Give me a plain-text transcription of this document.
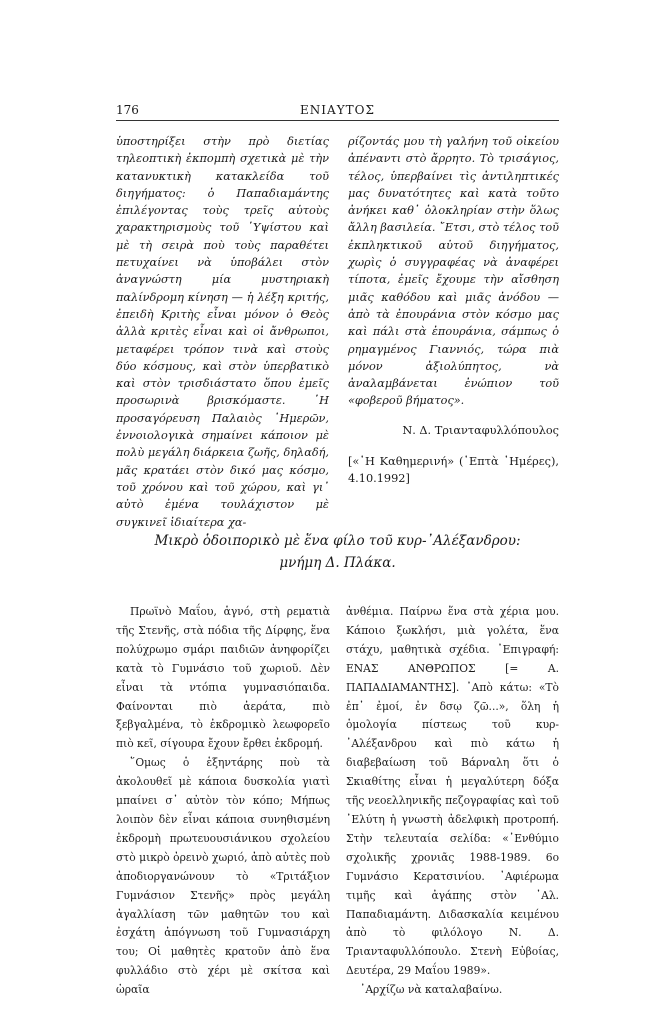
176	ΕΝΙΑΥΤΟΣ

ὑποστηρίξει στὴν πρὸ διετίας τηλεοπτικὴ ἐκπομπὴ σχετικὰ μὲ τὴν κατανυκτικὴ κατακλείδα τοῦ διηγήματος: ὁ Παπαδιαμάντης ἐπιλέγοντας τοὺς τρεῖς αὐτοὺς χαρακτηρισμοὺς τοῦ ῾Υψίστου καὶ μὲ τὴ σειρὰ ποὺ τοὺς παραθέτει πετυχαίνει νὰ ὑποβάλει στὸν ἀναγνώστη μία μυστηριακὴ παλίνδρομη κίνηση — ἡ λέξη κριτής, ἐπειδὴ Κριτὴς εἶναι μόνον ὁ Θεὸς ἀλλὰ κριτὲς εἶναι καὶ οἱ ἄνθρωποι, μεταφέρει τρόπον τινὰ καὶ στοὺς δύο κόσμους, καὶ στὸν ὑπερβατικὸ καὶ στὸν τρισδιάστατο ὅπου ἐμεῖς προσωρινὰ βρισκόμαστε. ῾Η προσαγόρευση Παλαιὸς ῾Ημερῶν, ἐννοιολογικὰ σημαίνει κάποιον μὲ πολὺ μεγάλη διάρκεια ζωῆς, δηλαδή, μᾶς κρατάει στὸν δικό μας κόσμο, τοῦ χρόνου καὶ τοῦ χώρου, καὶ γι᾿ αὐτὸ ἐμένα τουλάχιστον μὲ συγκινεῖ ἰδιαίτερα χα-

ρίζοντάς μου τὴ γαλήνη τοῦ οἰκείου ἀπέναντι στὸ ἄρρητο. Τὸ τρισάγιος, τέλος, ὑπερβαίνει τὶς ἀντιληπτικές μας δυνατότητες καὶ κατὰ τοῦτο ἀνήκει καθ᾿ ὁλοκληρίαν στὴν ὅλως ἄλλη βασιλεία. ῎Ετσι, στὸ τέλος τοῦ ἐκπληκτικοῦ αὐτοῦ διηγήματος, χωρὶς ὁ συγγραφέας νὰ ἀναφέρει τίποτα, ἐμεῖς ἔχουμε τὴν αἴσθηση μιᾶς καθόδου καὶ μιᾶς ἀνόδου — ἀπὸ τὰ ἐπουράνια στὸν κόσμο μας καὶ πάλι στὰ ἐπουράνια, σάμπως ὁ ρημαγμένος Γιαννιός, τώρα πιὰ μόνον ἀξιολύπητος, νὰ ἀναλαμβάνεται ἐνώπιον τοῦ «φοβεροῦ βήματος».

Ν. Δ. Τριανταφυλλόπουλος

[«῾Η Καθημερινή» (῾Επτὰ ῾Ημέρες), 4.10.1992]

Μικρὸ ὁδοιπορικὸ μὲ ἕνα φίλο τοῦ κυρ-᾿Αλέξανδρου:
μνήμη Δ. Πλάκα.

Πρωϊνὸ Μαΐου, ἁγνό, στὴ ρεματιὰ τῆς Στενῆς, στὰ πόδια τῆς Δίρφης, ἕνα πολύχρωμο σμάρι παιδιῶν ἀνηφορίζει κατὰ τὸ Γυμνάσιο τοῦ χωριοῦ. Δὲν εἶναι τὰ ντόπια γυμνασιόπαιδα. Φαίνονται πιὸ ἀεράτα, πιὸ ξεβγαλμένα, τὸ ἐκδρομικὸ λεωφορεῖο πιὸ κεῖ, σίγουρα ἔχουν ἔρθει ἐκδρομή.

῞Ομως ὁ ἑξηντάρης ποὺ τὰ ἀκολουθεῖ μὲ κάποια δυσκολία γιατὶ μπαίνει σ᾿ αὐτὸν τὸν κόπο; Μήπως λοιπὸν δὲν εἶναι κάποια συνηθισμένη ἐκδρομὴ πρωτευουσιάνικου σχολείου στὸ μικρὸ ὀρεινὸ χωριό, ἀπὸ αὐτὲς ποὺ ἀποδιοργανώνουν τὸ «Τριτάξιον Γυμνάσιον Στενῆς» πρὸς μεγάλη ἀγαλλίαση τῶν μαθητῶν του καὶ ἐσχάτη ἀπόγνωση τοῦ Γυμνασιάρχη του; Οἱ μαθητὲς κρατοῦν ἀπὸ ἕνα φυλλάδιο στὸ χέρι μὲ σκίτσα καὶ ὡραῖα

ἀνθέμια. Παίρνω ἕνα στὰ χέρια μου. Κάποιο ξωκλήσι, μιὰ γολέτα, ἕνα στάχυ, μαθητικὰ σχέδια. ᾿Επιγραφή: ΕΝΑΣ ΑΝΘΡΩΠΟΣ [= Α. ΠΑΠΑΔΙΑΜΑΝΤΗΣ]. ᾿Απὸ κάτω: «Τὸ ἐπ᾿ ἐμοί, ἐν δσῳ ζῶ...», ὅλη ἡ ὁμολογία πίστεως τοῦ κυρ-᾿Αλέξανδρου καὶ πιὸ κάτω ἡ διαβεβαίωση τοῦ Βάρναλη ὅτι ὁ Σκιαθίτης εἶναι ἡ μεγαλύτερη δόξα τῆς νεοελληνικῆς πεζογραφίας καὶ τοῦ ᾿Ελύτη ἡ γνωστὴ ἀδελφικὴ προτροπή. Στὴν τελευταία σελίδα: «᾿Ενθύμιο σχολικῆς χρονιᾶς 1988-1989. 6ο Γυμνάσιο Κερατσινίου. ᾿Αφιέρωμα τιμῆς καὶ ἀγάπης στὸν ᾿Αλ. Παπαδιαμάντη. Διδασκαλία κειμένου ἀπὸ τὸ φιλόλογο Ν. Δ. Τριανταφυλλόπουλο. Στενὴ Εὐβοίας, Δευτέρα, 29 Μαΐου 1989».

᾿Αρχίζω νὰ καταλαβαίνω.
